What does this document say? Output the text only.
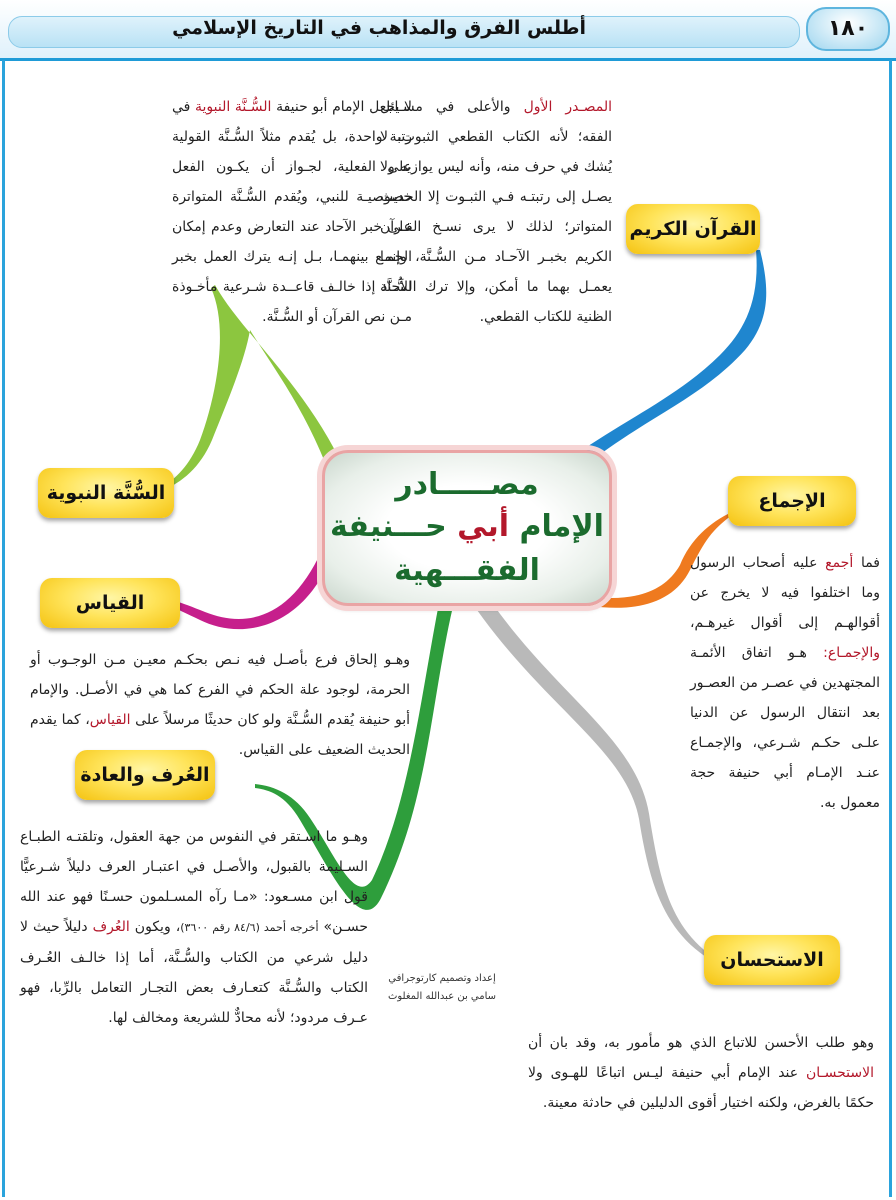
أطلس الفرق والمذاهب في التاريخ الإسلامي	١٨٠
مصـــــادر
الإمام أبي حـــنيفة
الفقـــهية
القرآن الكريم
الإجماع
الاستحسان
العُرف والعادة
القياس
السُّنَّة النبوية
المصـدر الأول والأعلى في مسـائل الفقه؛ لأنه الكتاب القطعي الثبوت، لا يُشك في حرف منه، وأنه ليس يوازيه ولا يصـل إلى رتبتـه فـي الثبـوت إلا الحديث المتواتر؛ لذلك لا يرى نسـخ القـرآن الكريم بخبـر الآحـاد مـن السُّـنَّة، وإنما يعمـل بهما ما أمكن، وإلا ترك السُّـنَّة الظنية للكتاب القطعي.
لا يجعل الإمام أبو حنيفة السُّـنَّة النبوية في رتبة واحدة، بل يُقدم مثلاً السُّـنَّة القولية على الفعلية، لجـواز أن يكـون الفعل خصوصيـة للنبي، ويُقدم السُّـنَّة المتواترة على خبر الآحاد عند التعارض وعدم إمكان الجمـع بينهمـا، بـل إنـه يترك العمل بخبر الآحاد إذا خالـف قاعــدة شـرعية مأخـوذة مـن نص القرآن أو السُّـنَّة.
فما أجمع عليه أصحاب الرسول وما اختلفوا فيه لا يخرج عن أقوالهـم إلى أقوال غيرهـم، والإجمـاع: هـو اتفاق الأئمـة المجتهدين في عصـر من العصـور بعد انتقال الرسول عن الدنيا علـى حكـم شـرعي، والإجمـاع عنـد الإمـام أبي حنيفة حجة معمول به.
وهـو إلحاق فرع بأصـل فيه نـص بحكـم معيـن مـن الوجـوب أو الحرمة، لوجود علة الحكم في الفرع كما هي في الأصـل. والإمام أبو حنيفة يُقدم السُّـنَّة ولو كان حديثًا مرسلاً على القياس، كما يقدم الحديث الضعيف على القياس.
وهـو ما اسـتقر في النفوس من جهة العقول، وتلقتـه الطبـاع السـليمة بالقبول، والأصـل في اعتبـار العرف دليلاً شـرعيًّا قول ابن مسـعود: «مـا رآه المسـلمون حسـنًا فهو عند الله حسـن» أخرجه أحمد (٨٤/٦ رقم ٣٦٠٠)، ويكون العُرف دليلاً حيث لا دليل شرعي من الكتاب والسُّـنَّة، أما إذا خالـف العُـرف الكتاب والسُّـنَّة كتعـارف بعض التجـار التعامل بالرِّبا، فهو عـرف مردود؛ لأنه محادٌّ للشريعة ومخالف لها.
وهو طلب الأحسن للاتباع الذي هو مأمور به، وقد بان أن الاستحسـان عند الإمام أبي حنيفة ليـس اتباعًا للهـوى ولا حكمًا بالغرض، ولكنه اختيار أقوى الدليلين في حادثة معينة.
إعداد وتصميم كارتوجرافي
سامي بن عبدالله المغلوث
